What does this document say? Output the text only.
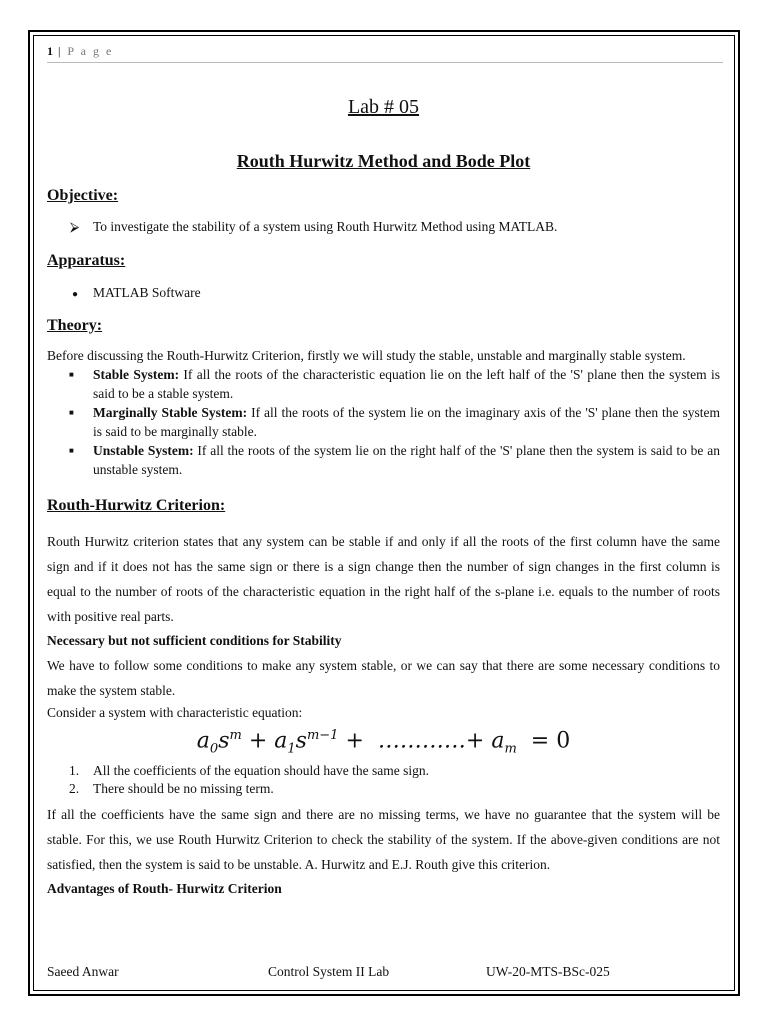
1 | P a g e
Lab # 05
Routh Hurwitz Method and Bode Plot
Objective:
⮚	To investigate the stability of a system using Routh Hurwitz Method using MATLAB.
Apparatus:
●	MATLAB Software
Theory:
Before discussing the Routh-Hurwitz Criterion, firstly we will study the stable, unstable and marginally stable system.
■	Stable System: If all the roots of the characteristic equation lie on the left half of the 'S' plane then the system is said to be a stable system.
■	Marginally Stable System: If all the roots of the system lie on the imaginary axis of the 'S' plane then the system is said to be marginally stable.
■	Unstable System: If all the roots of the system lie on the right half of the 'S' plane then the system is said to be an unstable system.
Routh-Hurwitz Criterion:
Routh Hurwitz criterion states that any system can be stable if and only if all the roots of the first column have the same sign and if it does not has the same sign or there is a sign change then the number of sign changes in the first column is equal to the number of roots of the characteristic equation in the right half of the s-plane i.e. equals to the number of roots with positive real parts.
Necessary but not sufficient conditions for Stability
We have to follow some conditions to make any system stable, or we can say that there are some necessary conditions to make the system stable.
Consider a system with characteristic equation:
$a_0s^m + a_1s^{m-1}$ +  …………+ $a_m = 0$
1.	All the coefficients of the equation should have the same sign.
2.	There should be no missing term.
If all the coefficients have the same sign and there are no missing terms, we have no guarantee that the system will be stable. For this, we use Routh Hurwitz Criterion to check the stability of the system. If the above-given conditions are not satisfied, then the system is said to be unstable. A. Hurwitz and E.J. Routh give this criterion.
Advantages of Routh- Hurwitz Criterion
Saeed Anwar	Control System II Lab	UW-20-MTS-BSc-025
